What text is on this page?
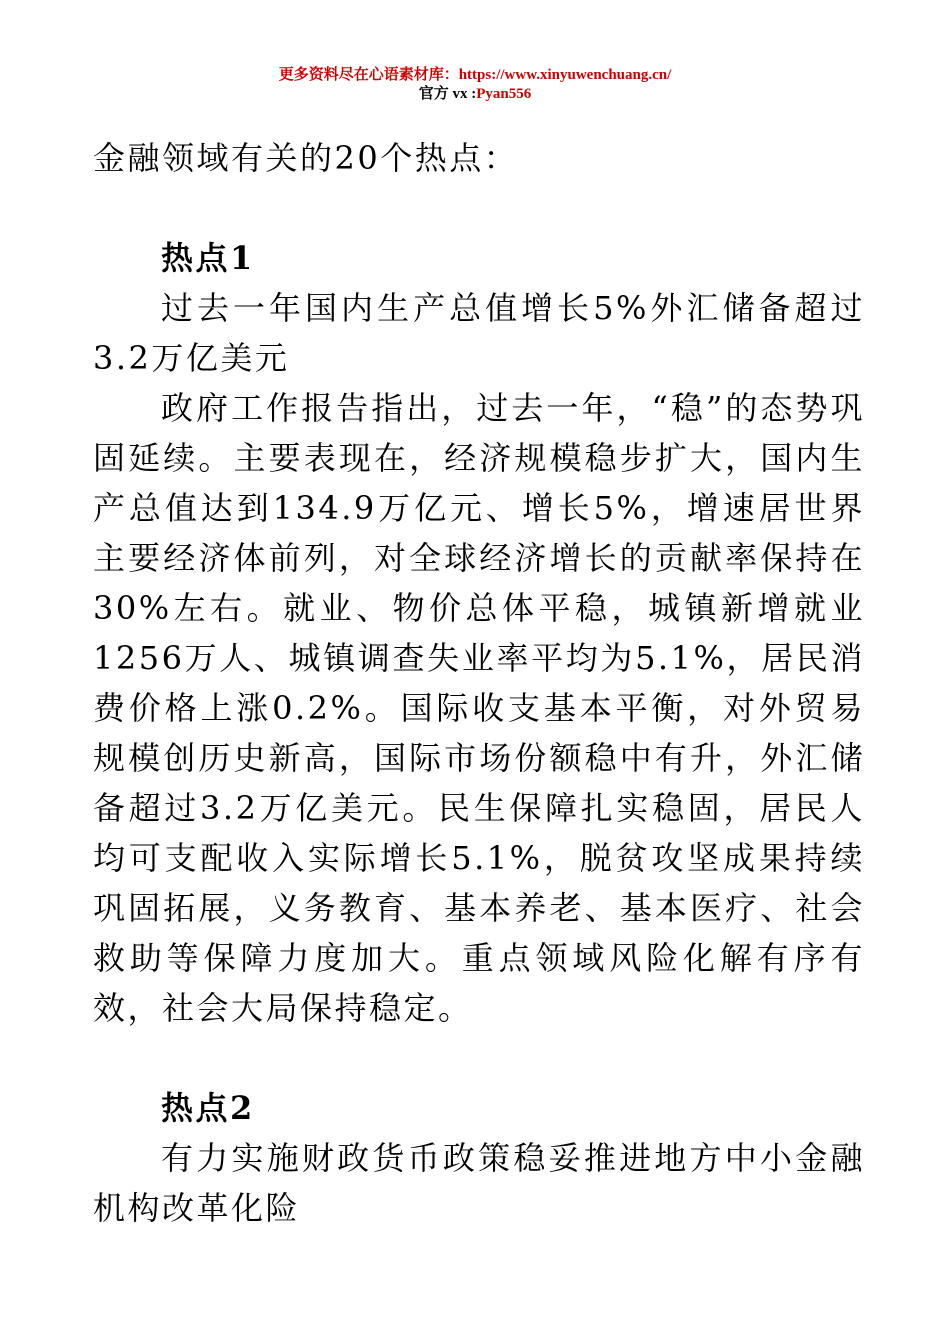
更多资料尽在心语素材库：https://www.xinyuwenchuang.cn/
官方 vx :Pyan556

金融领域有关的20个热点：

热点1

过去一年国内生产总值增长5%外汇储备超过3.2万亿美元

政府工作报告指出，过去一年，“稳”的态势巩固延续。主要表现在，经济规模稳步扩大，国内生产总值达到134.9万亿元、增长5%，增速居世界主要经济体前列，对全球经济增长的贡献率保持在30%左右。就业、物价总体平稳，城镇新增就业1256万人、城镇调查失业率平均为5.1%，居民消费价格上涨0.2%。国际收支基本平衡，对外贸易规模创历史新高，国际市场份额稳中有升，外汇储备超过3.2万亿美元。民生保障扎实稳固，居民人均可支配收入实际增长5.1%，脱贫攻坚成果持续巩固拓展，义务教育、基本养老、基本医疗、社会救助等保障力度加大。重点领域风险化解有序有效，社会大局保持稳定。

热点2

有力实施财政货币政策稳妥推进地方中小金融机构改革化险
